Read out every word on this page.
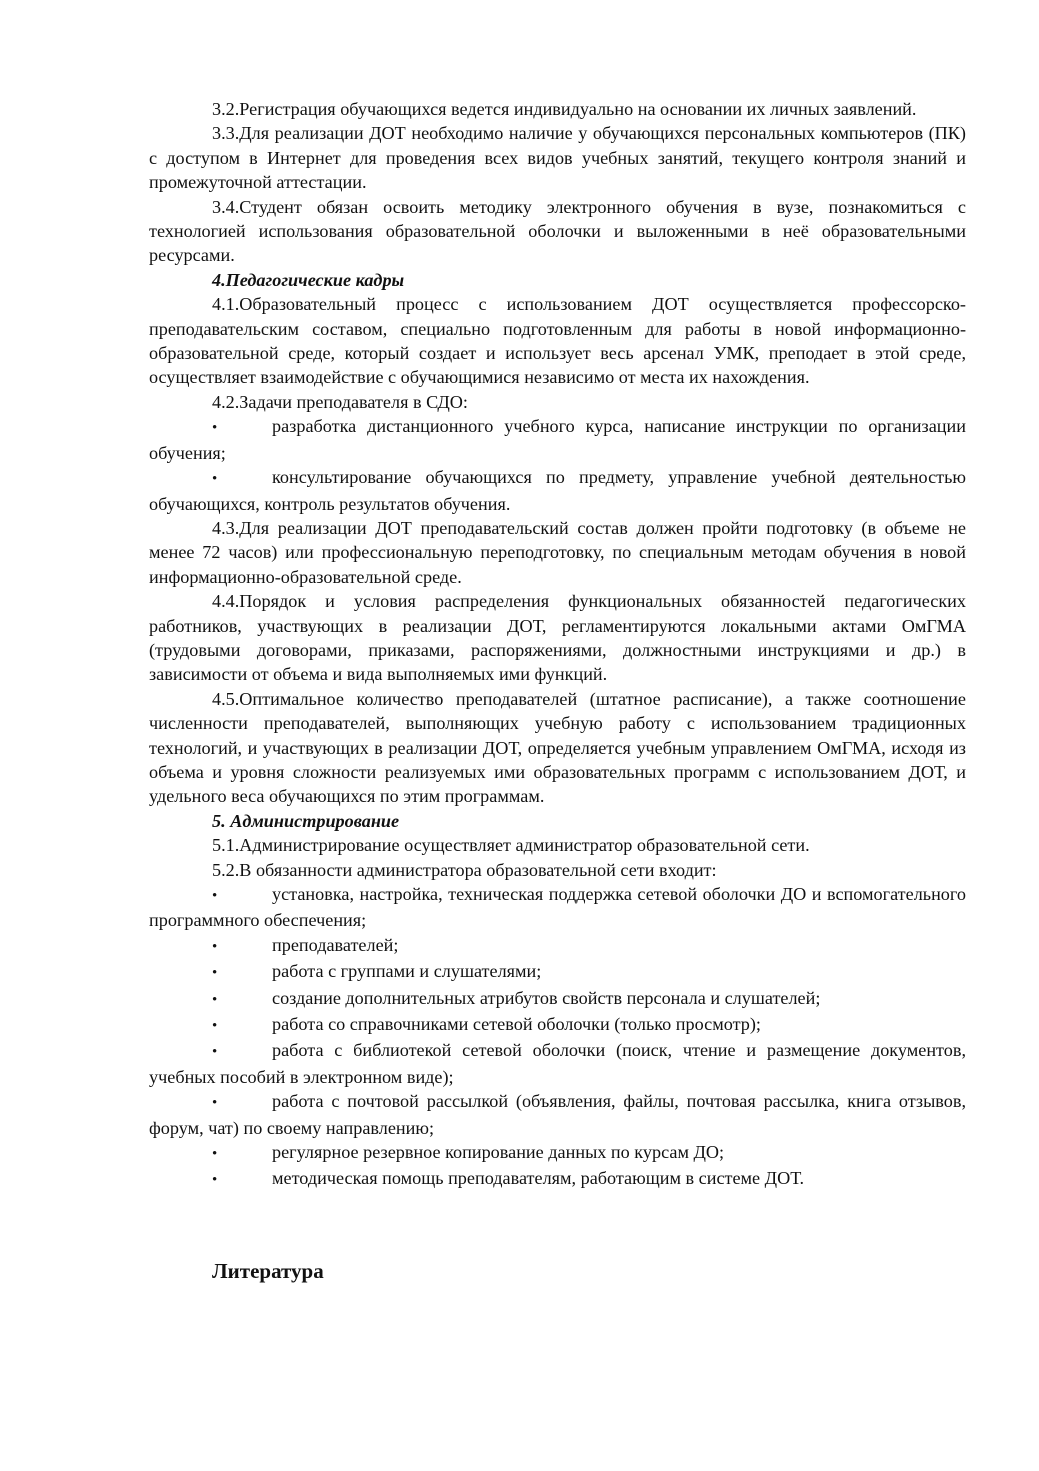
3.2.Регистрация обучающихся ведется индивидуально на основании их личных заявлений.

3.3.Для реализации ДОТ необходимо наличие у обучающихся персональных компьютеров (ПК) с доступом в Интернет для проведения всех видов учебных занятий, текущего контроля знаний и промежуточной аттестации.

3.4.Студент обязан освоить методику электронного обучения в вузе, познакомиться с технологией использования образовательной оболочки и выложенными в неё образовательными ресурсами.

4.Педагогические кадры

4.1.Образовательный процесс с использованием ДОТ осуществляется профессорско-преподавательским составом, специально подготовленным для работы в новой информационно-образовательной среде, который создает и использует весь арсенал УМК, преподает в этой среде, осуществляет взаимодействие с обучающимися независимо от места их нахождения.

4.2.Задачи преподавателя в СДО:

•	разработка дистанционного учебного курса, написание инструкции по организации обучения;

•	консультирование обучающихся по предмету, управление учебной деятельностью обучающихся, контроль результатов обучения.

4.3.Для реализации ДОТ преподавательский состав должен пройти подготовку (в объеме не менее 72 часов) или профессиональную переподготовку, по специальным методам обучения в новой информационно-образовательной среде.

4.4.Порядок и условия распределения функциональных обязанностей педагогических работников, участвующих в реализации ДОТ, регламентируются локальными актами ОмГМА (трудовыми договорами, приказами, распоряжениями, должностными инструкциями и др.) в зависимости от объема и вида выполняемых ими функций.

4.5.Оптимальное количество преподавателей (штатное расписание), а также соотношение численности преподавателей, выполняющих учебную работу с использованием традиционных технологий, и участвующих в реализации ДОТ, определяется учебным управлением ОмГМА, исходя из объема и уровня сложности реализуемых ими образовательных программ с использованием ДОТ, и удельного веса обучающихся по этим программам.

5. Администрирование

5.1.Администрирование осуществляет администратор образовательной сети.

5.2.В обязанности администратора образовательной сети входит:

•	установка, настройка, техническая поддержка сетевой оболочки ДО и вспомогательного программного обеспечения;

•	преподавателей;

•	работа с группами и слушателями;

•	создание дополнительных атрибутов свойств персонала и слушателей;

•	работа со справочниками сетевой оболочки (только просмотр);

•	работа с библиотекой сетевой оболочки (поиск, чтение и размещение документов, учебных пособий в электронном виде);

•	работа с почтовой рассылкой (объявления, файлы, почтовая рассылка, книга отзывов, форум, чат) по своему направлению;

•	регулярное резервное копирование данных по курсам ДО;

•	методическая помощь преподавателям, работающим в системе ДОТ.

Литература
